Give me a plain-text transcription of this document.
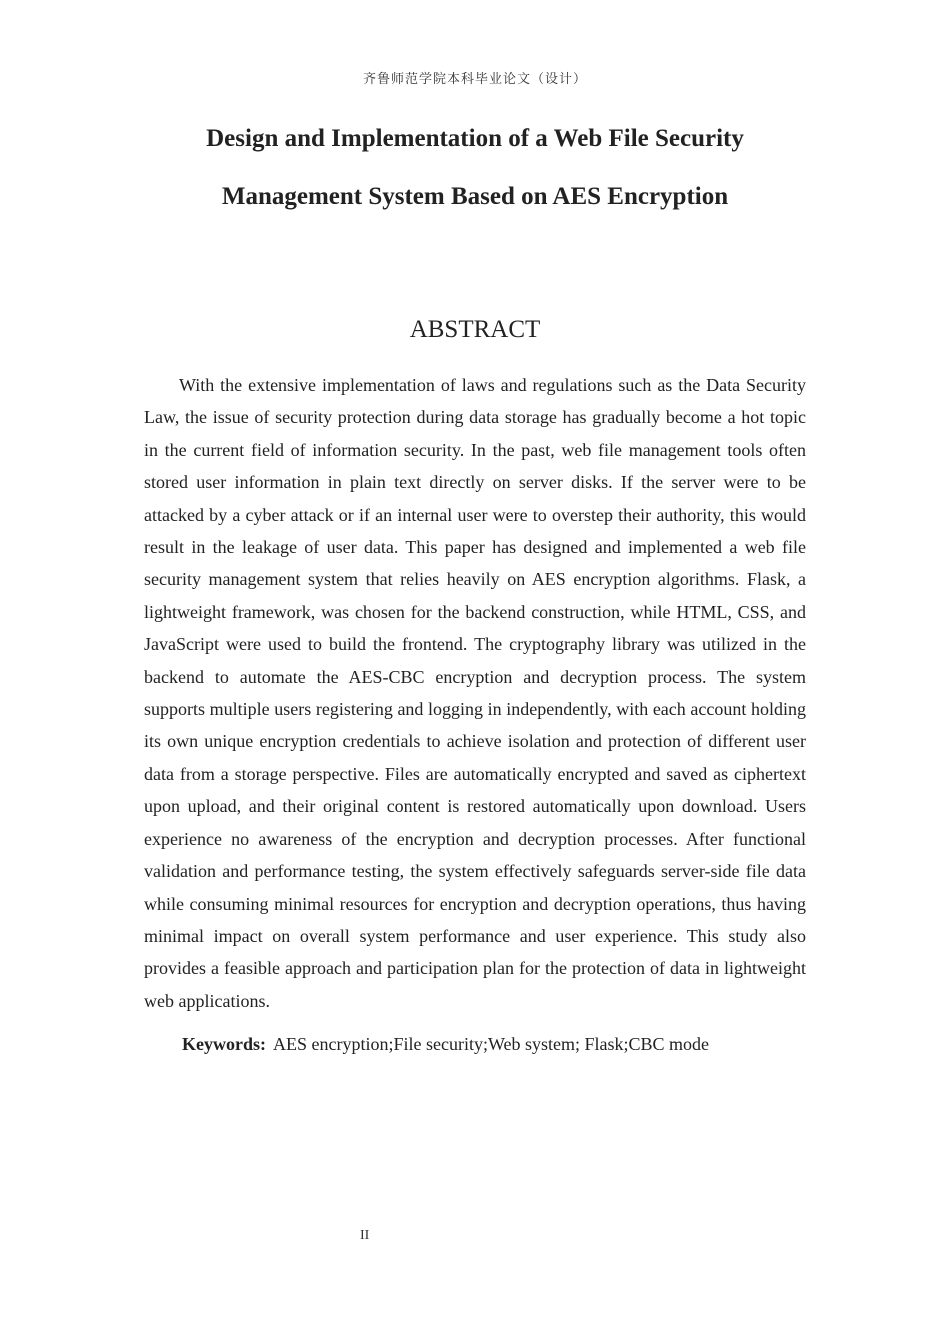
齐鲁师范学院本科毕业论文（设计）
Design and Implementation of a Web File Security
Management System Based on AES Encryption
ABSTRACT

With the extensive implementation of laws and regulations such as the Data Security Law, the issue of security protection during data storage has gradually become a hot topic in the current field of information security. In the past, web file management tools often stored user information in plain text directly on server disks. If the server were to be attacked by a cyber attack or if an internal user were to overstep their authority, this would result in the leakage of user data. This paper has designed and implemented a web file security management system that relies heavily on AES encryption algorithms. Flask, a lightweight framework, was chosen for the backend construction, while HTML, CSS, and JavaScript were used to build the frontend. The cryptography library was utilized in the backend to automate the AES-CBC encryption and decryption process. The system supports multiple users registering and logging in independently, with each account holding its own unique encryption credentials to achieve isolation and protection of different user data from a storage perspective. Files are automatically encrypted and saved as ciphertext upon upload, and their original content is restored automatically upon download. Users experience no awareness of the encryption and decryption processes. After functional validation and performance testing, the system effectively safeguards server-side file data while consuming minimal resources for encryption and decryption operations, thus having minimal impact on overall system performance and user experience. This study also provides a feasible approach and participation plan for the protection of data in lightweight web applications.

Keywords: AES encryption;File security;Web system; Flask;CBC mode
II
